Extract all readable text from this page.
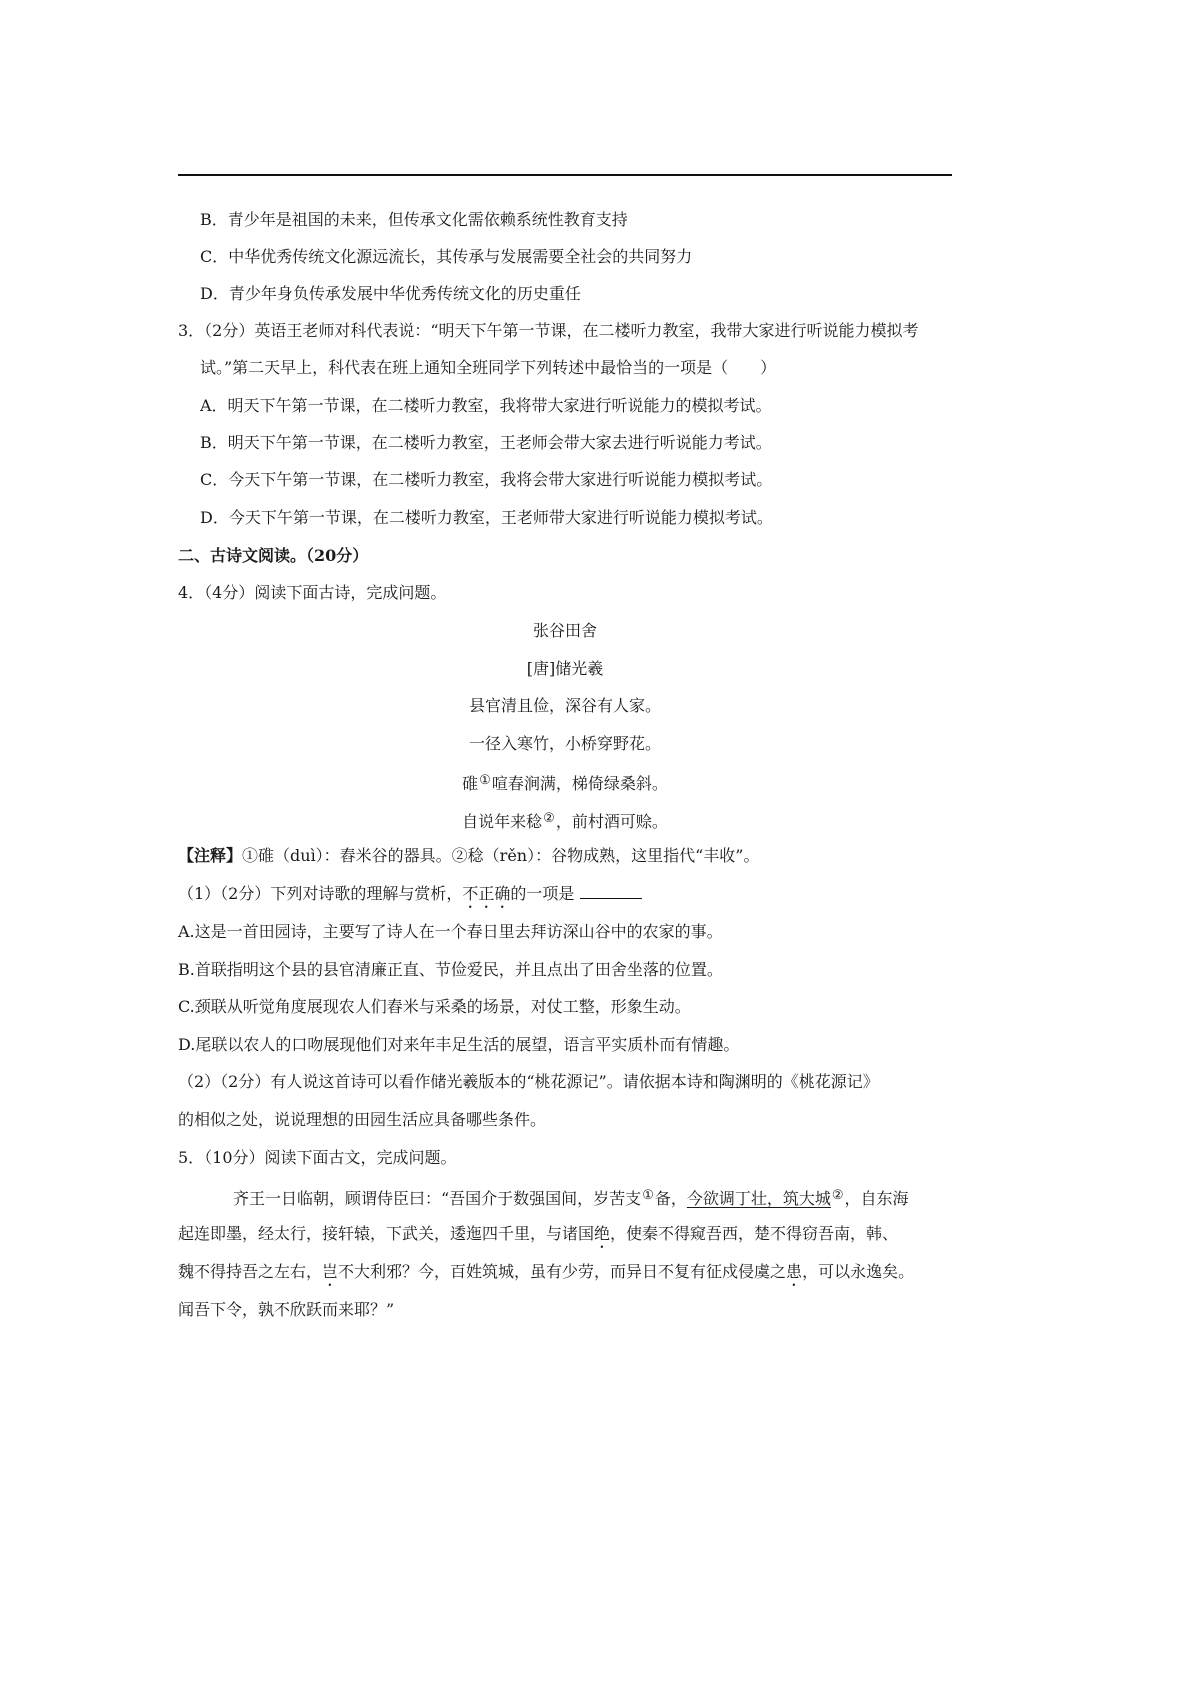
B．青少年是祖国的未来，但传承文化需依赖系统性教育支持
C．中华优秀传统文化源远流长，其传承与发展需要全社会的共同努力
D．青少年身负传承发展中华优秀传统文化的历史重任
3．（2分）英语王老师对科代表说：“明天下午第一节课，在二楼听力教室，我带大家进行听说能力模拟考
试。”第二天早上，科代表在班上通知全班同学下列转述中最恰当的一项是（　　）
A．明天下午第一节课，在二楼听力教室，我将带大家进行听说能力的模拟考试。
B．明天下午第一节课，在二楼听力教室，王老师会带大家去进行听说能力考试。
C．今天下午第一节课，在二楼听力教室，我将会带大家进行听说能力模拟考试。
D．今天下午第一节课，在二楼听力教室，王老师带大家进行听说能力模拟考试。
二、古诗文阅读。（20分）
4．（4分）阅读下面古诗，完成问题。
张谷田舍
[唐]储光羲
县官清且俭，深谷有人家。
一径入寒竹，小桥穿野花。
碓①喧春涧满，梯倚绿桑斜。
自说年来稔②，前村酒可赊。
【注释】①碓（duì）：舂米谷的器具。②稔（rěn）：谷物成熟，这里指代“丰收”。
（1）（2分）下列对诗歌的理解与赏析，不正确的一项是
A.这是一首田园诗，主要写了诗人在一个春日里去拜访深山谷中的农家的事。
B.首联指明这个县的县官清廉正直、节俭爱民，并且点出了田舍坐落的位置。
C.颈联从听觉角度展现农人们舂米与采桑的场景，对仗工整，形象生动。
D.尾联以农人的口吻展现他们对来年丰足生活的展望，语言平实质朴而有情趣。
（2）（2分）有人说这首诗可以看作储光羲版本的“桃花源记”。请依据本诗和陶渊明的《桃花源记》
的相似之处，说说理想的田园生活应具备哪些条件。
5．（10分）阅读下面古文，完成问题。
齐王一日临朝，顾谓侍臣曰：“吾国介于数强国间，岁苦支①备，今欲调丁壮，筑大城②，自东海
起连即墨，经太行，接轩辕，下武关，逶迤四千里，与诸国绝，使秦不得窥吾西，楚不得窃吾南，韩、
魏不得持吾之左右，岂不大利邪？今，百姓筑城，虽有少劳，而异日不复有征戍侵虞之患，可以永逸矣。
闻吾下令，孰不欣跃而来耶？”
